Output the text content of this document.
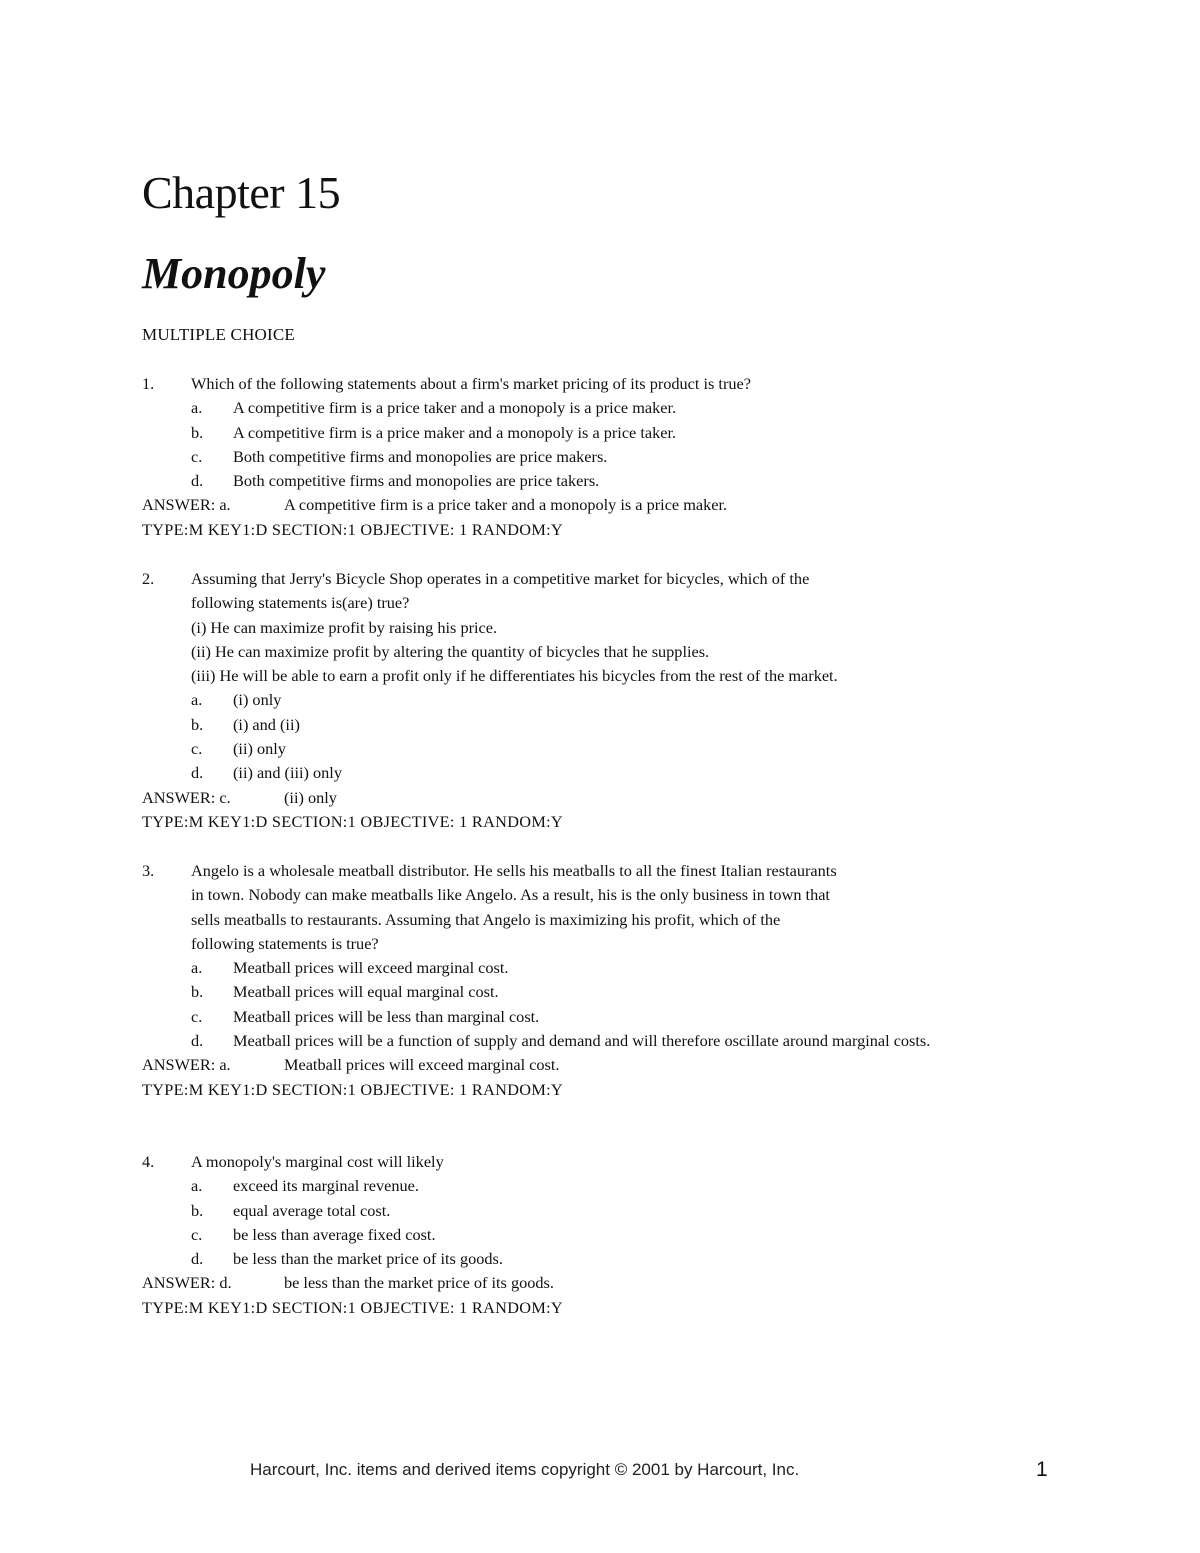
Chapter 15
Monopoly
MULTIPLE CHOICE
1. Which of the following statements about a firm's market pricing of its product is true?
a. A competitive firm is a price taker and a monopoly is a price maker.
b. A competitive firm is a price maker and a monopoly is a price taker.
c. Both competitive firms and monopolies are price makers.
d. Both competitive firms and monopolies are price takers.
ANSWER: a.	A competitive firm is a price taker and a monopoly is a price maker.
TYPE:M KEY1:D SECTION:1 OBJECTIVE: 1 RANDOM:Y
2. Assuming that Jerry's Bicycle Shop operates in a competitive market for bicycles, which of the
following statements is(are) true?
(i) He can maximize profit by raising his price.
(ii) He can maximize profit by altering the quantity of bicycles that he supplies.
(iii) He will be able to earn a profit only if he differentiates his bicycles from the rest of the market.
a. (i) only
b. (i) and (ii)
c. (ii) only
d. (ii) and (iii) only
ANSWER: c.	(ii) only
TYPE:M KEY1:D SECTION:1 OBJECTIVE: 1 RANDOM:Y
3. Angelo is a wholesale meatball distributor. He sells his meatballs to all the finest Italian restaurants
in town. Nobody can make meatballs like Angelo. As a result, his is the only business in town that
sells meatballs to restaurants. Assuming that Angelo is maximizing his profit, which of the
following statements is true?
a. Meatball prices will exceed marginal cost.
b. Meatball prices will equal marginal cost.
c. Meatball prices will be less than marginal cost.
d. Meatball prices will be a function of supply and demand and will therefore oscillate around marginal costs.
ANSWER: a.	Meatball prices will exceed marginal cost.
TYPE:M KEY1:D SECTION:1 OBJECTIVE: 1 RANDOM:Y
4. A monopoly's marginal cost will likely
a. exceed its marginal revenue.
b. equal average total cost.
c. be less than average fixed cost.
d. be less than the market price of its goods.
ANSWER: d.	be less than the market price of its goods.
TYPE:M KEY1:D SECTION:1 OBJECTIVE: 1 RANDOM:Y
Harcourt, Inc. items and derived items copyright © 2001 by Harcourt, Inc.	1
